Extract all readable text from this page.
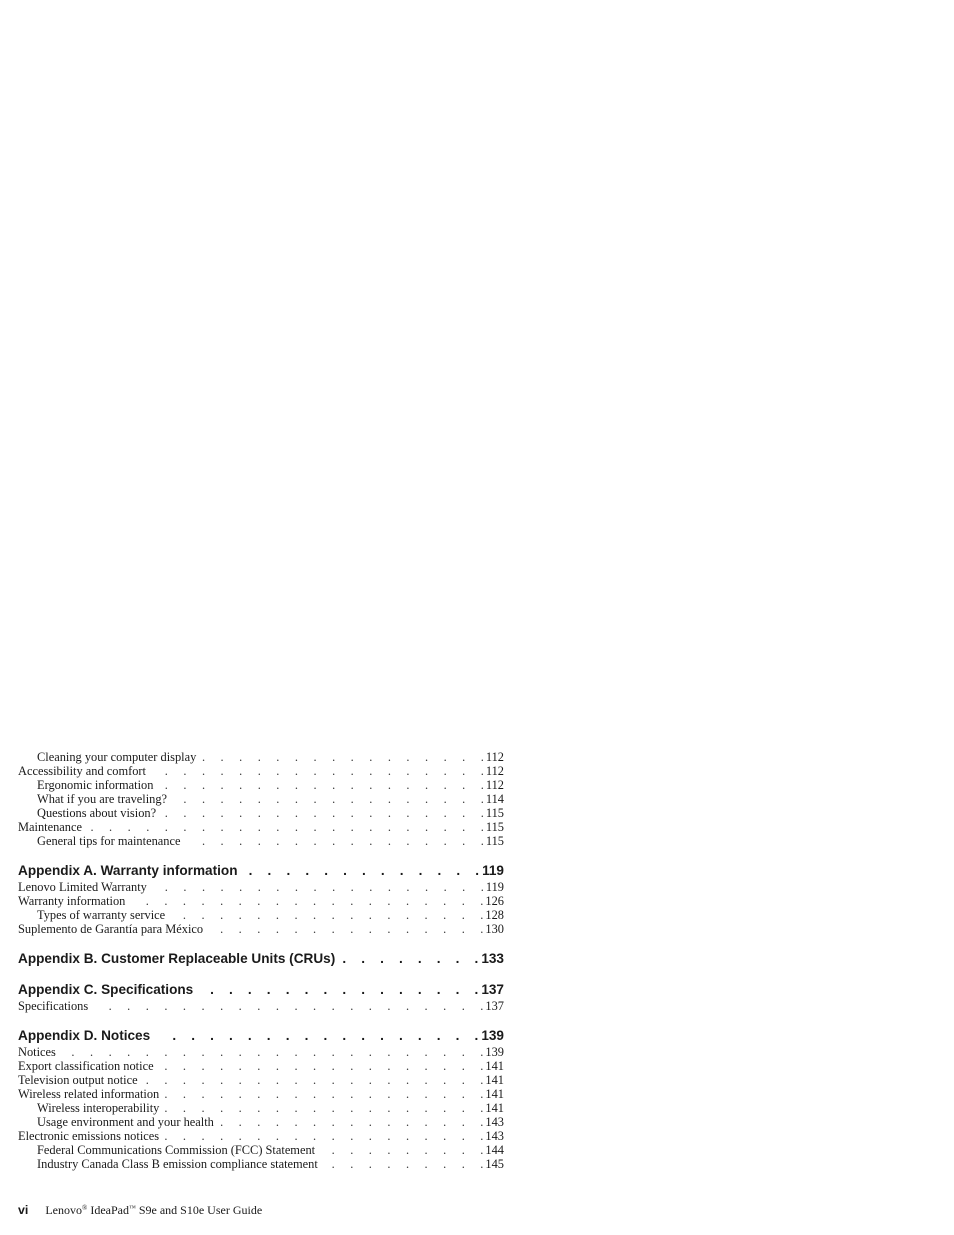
Cleaning your computer display .	112
Accessibility and comfort .	112
Ergonomic information .	112
What if you are traveling? .	114
Questions about vision? .	115
Maintenance .	115
General tips for maintenance .	115
Appendix A. Warranty information .	119
Lenovo Limited Warranty .	119
Warranty information .	126
Types of warranty service .	128
Suplemento de Garantía para México .	130
Appendix B. Customer Replaceable Units (CRUs) .	133
Appendix C. Specifications .	137
Specifications .	137
Appendix D. Notices .	139
Notices .	139
Export classification notice .	141
Television output notice .	141
Wireless related information .	141
Wireless interoperability .	141
Usage environment and your health .	143
Electronic emissions notices .	143
Federal Communications Commission (FCC) Statement .	144
Industry Canada Class B emission compliance statement .	145
vi Lenovo® IdeaPad™ S9e and S10e User Guide
